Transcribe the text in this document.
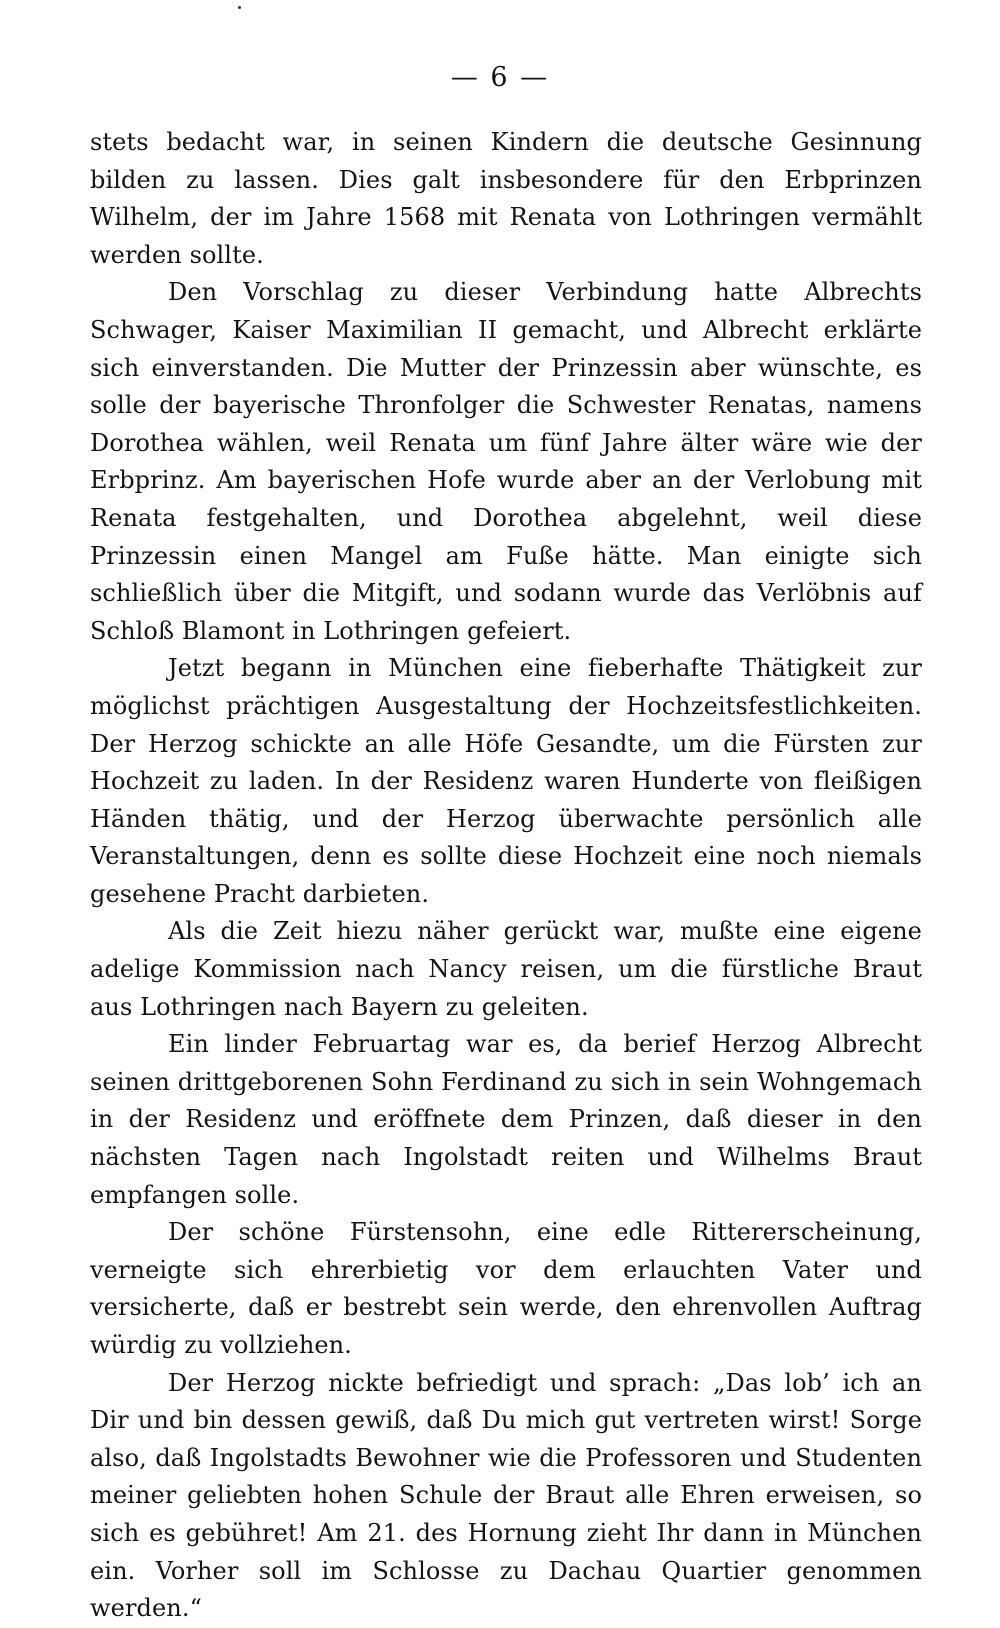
— 6 —

stets bedacht war, in seinen Kindern die deutsche Gesinnung bilden zu lassen. Dies galt insbesondere für den Erbprinzen Wilhelm, der im Jahre 1568 mit Renata von Lothringen vermählt werden sollte.

Den Vorschlag zu dieser Verbindung hatte Albrechts Schwager, Kaiser Maximilian II gemacht, und Albrecht erklärte sich einverstanden. Die Mutter der Prinzessin aber wünschte, es solle der bayerische Thronfolger die Schwester Renatas, namens Dorothea wählen, weil Renata um fünf Jahre älter wäre wie der Erbprinz. Am bayerischen Hofe wurde aber an der Verlobung mit Renata festgehalten, und Dorothea abgelehnt, weil diese Prinzessin einen Mangel am Fuße hätte. Man einigte sich schließlich über die Mitgift, und sodann wurde das Verlöbnis auf Schloß Blamont in Lothringen gefeiert.

Jetzt begann in München eine fieberhafte Thätigkeit zur möglichst prächtigen Ausgestaltung der Hochzeitsfestlichkeiten. Der Herzog schickte an alle Höfe Gesandte, um die Fürsten zur Hochzeit zu laden. In der Residenz waren Hunderte von fleißigen Händen thätig, und der Herzog überwachte persönlich alle Veranstaltungen, denn es sollte diese Hochzeit eine noch niemals gesehene Pracht darbieten.

Als die Zeit hiezu näher gerückt war, mußte eine eigene adelige Kommission nach Nancy reisen, um die fürstliche Braut aus Lothringen nach Bayern zu geleiten.

Ein linder Februartag war es, da berief Herzog Albrecht seinen drittgeborenen Sohn Ferdinand zu sich in sein Wohngemach in der Residenz und eröffnete dem Prinzen, daß dieser in den nächsten Tagen nach Ingolstadt reiten und Wilhelms Braut empfangen solle.

Der schöne Fürstensohn, eine edle Rittererscheinung, verneigte sich ehrerbietig vor dem erlauchten Vater und versicherte, daß er bestrebt sein werde, den ehrenvollen Auftrag würdig zu vollziehen.

Der Herzog nickte befriedigt und sprach: „Das lob’ ich an Dir und bin dessen gewiß, daß Du mich gut vertreten wirst! Sorge also, daß Ingolstadts Bewohner wie die Professoren und Studenten meiner geliebten hohen Schule der Braut alle Ehren erweisen, so sich es gebühret! Am 21. des Hornung zieht Ihr dann in München ein. Vorher soll im Schlosse zu Dachau Quartier genommen werden.“
